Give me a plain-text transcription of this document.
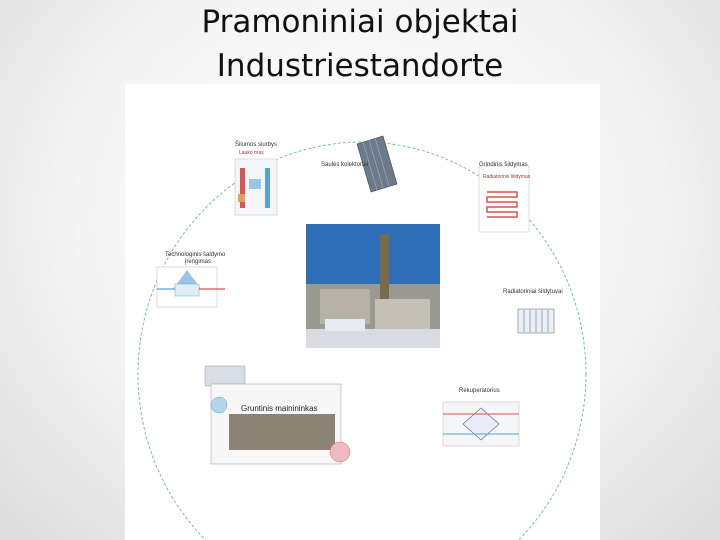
Pramoniniai objektai
Industriestandorte
Šilumos siurbys
Lauko oras
Saulės kolektoriai	Grindinis šildymas
Radiatorinis šildymas
Technologinis šaldymo
įrengimas
Radiatoriniai šildytuvai
Rekuperatorius
Gruntinis mainininkas
